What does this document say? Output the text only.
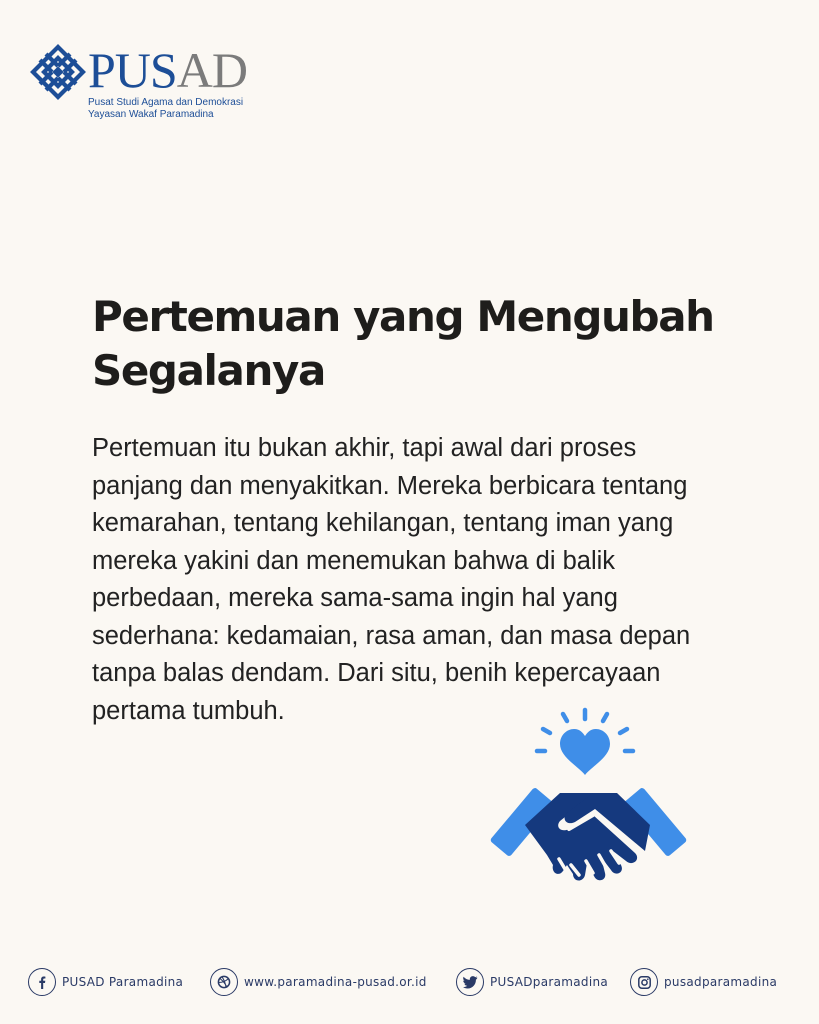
PUSAD
Pusat Studi Agama dan Demokrasi
Yayasan Wakaf Paramadina
Pertemuan yang Mengubah Segalanya

Pertemuan itu bukan akhir, tapi awal dari proses panjang dan menyakitkan. Mereka berbicara tentang kemarahan, tentang kehilangan, tentang iman yang mereka yakini dan menemukan bahwa di balik perbedaan, mereka sama-sama ingin hal yang sederhana: kedamaian, rasa aman, dan masa depan tanpa balas dendam. Dari situ, benih kepercayaan pertama tumbuh.

PUSAD Paramadina	www.paramadina-pusad.or.id	PUSADparamadina	pusadparamadina
